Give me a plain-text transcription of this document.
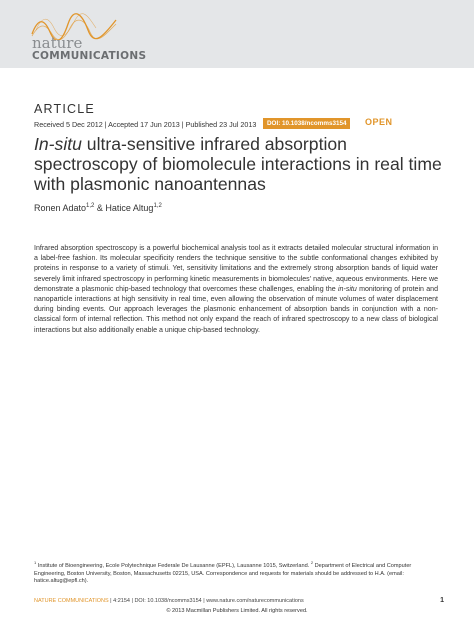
nature
COMMUNICATIONS
ARTICLE
Received 5 Dec 2012 | Accepted 17 Jun 2013 | Published 23 Jul 2013	DOI: 10.1038/ncomms3154	OPEN
In-situ ultra-sensitive infrared absorption spectroscopy of biomolecule interactions in real time with plasmonic nanoantennas
Ronen Adato$^{1,2}$ & Hatice Altug$^{1,2}$

Infrared absorption spectroscopy is a powerful biochemical analysis tool as it extracts detailed molecular structural information in a label-free fashion. Its molecular specificity renders the technique sensitive to the subtle conformational changes exhibited by proteins in response to a variety of stimuli. Yet, sensitivity limitations and the extremely strong absorption bands of liquid water severely limit infrared spectroscopy in performing kinetic measurements in biomolecules' native, aqueous environments. Here we demonstrate a plasmonic chip-based technology that overcomes these challenges, enabling the in-situ monitoring of protein and nanoparticle interactions at high sensitivity in real time, even allowing the observation of minute volumes of water displacement during binding events. Our approach leverages the plasmonic enhancement of absorption bands in conjunction with a non-classical form of internal reflection. This method not only expand the reach of infrared spectroscopy to a new class of biological interactions but also additionally enable a unique chip-based technology.

$^1$ Institute of Bioengineering, Ecole Polytechnique Federale De Lausanne (EPFL), Lausanne 1015, Switzerland. $^2$ Department of Electrical and Computer Engineering, Boston University, Boston, Massachusetts 02215, USA. Correspondence and requests for materials should be addressed to H.A. (email: hatice.altug@epfl.ch).

NATURE COMMUNICATIONS | 4:2154 | DOI: 10.1038/ncomms3154 | www.nature.com/naturecommunications	1
© 2013 Macmillan Publishers Limited. All rights reserved.
